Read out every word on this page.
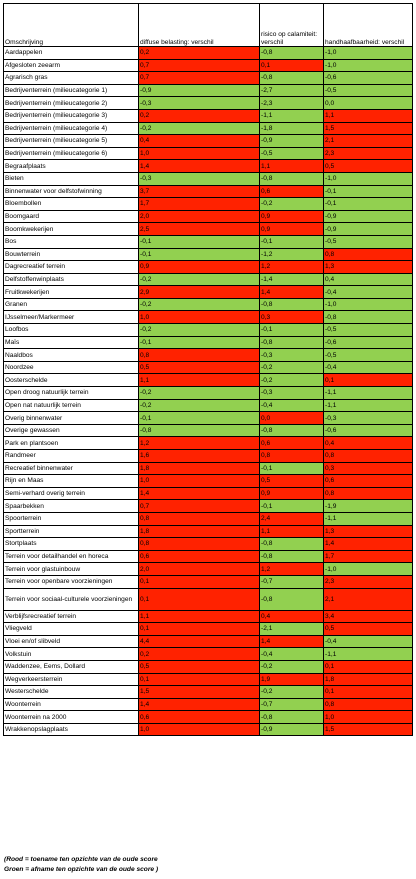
Omschrijving	diffuse belasting: verschil	risico op calamiteit: verschil	handhaafbaarheid: verschil
Aardappelen	0,2	-0,8	-1,0
Afgesloten zeearm	0,7	0,1	-1,0
Agrarisch gras	0,7	-0,8	-0,6
Bedrijventerrein (milieucategorie 1)	-0,9	-2,7	-0,5
Bedrijventerrein (milieucategorie 2)	-0,3	-2,3	0,0
Bedrijventerrein (milieucategorie 3)	0,2	-1,1	1,1
Bedrijventerrein (milieucategorie 4)	-0,2	-1,8	1,5
Bedrijventerrein (milieucategorie 5)	0,4	-0,9	2,1
Bedrijventerrein (milieucategorie 6)	1,0	-0,5	2,3
Begraafplaats	1,4	1,1	0,5
Bieten	-0,3	-0,8	-1,0
Binnenwater voor delfstofwinning	3,7	0,6	-0,1
Bloembollen	1,7	-0,2	-0,1
Boomgaard	2,0	0,9	-0,9
Boomkwekerijen	2,5	0,9	-0,9
Bos	-0,1	-0,1	-0,5
Bouwterrein	-0,1	-1,2	0,8
Dagrecreatief terrein	0,9	1,2	1,3
Delfstoffenwinplaats	-0,2	-1,4	0,4
Fruitkwekerijen	2,9	1,4	-0,4
Granen	-0,2	-0,8	-1,0
IJsselmeer/Markermeer	1,0	0,3	-0,8
Loofbos	-0,2	-0,1	-0,5
Maïs	-0,1	-0,8	-0,6
Naaldbos	0,8	-0,3	-0,5
Noordzee	0,5	-0,2	-0,4
Oosterschelde	1,1	-0,2	0,1
Open droog natuurlijk terrein	-0,2	-0,3	-1,1
Open nat natuurlijk terrein	-0,2	-0,4	-1,1
Overig binnenwater	-0,1	0,0	-0,3
Overige gewassen	-0,8	-0,8	-0,6
Park en plantsoen	1,2	0,6	0,4
Randmeer	1,6	0,8	0,8
Recreatief binnenwater	1,8	-0,1	0,3
Rijn en Maas	1,0	0,5	0,6
Semi-verhard overig terrein	1,4	0,9	0,8
Spaarbekken	0,7	-0,1	-1,9
Spoorterrein	0,8	2,4	-1,1
Sportterrein	1,8	1,1	1,3
Stortplaats	0,8	-0,8	1,4
Terrein voor detailhandel en horeca	0,6	-0,8	1,7
Terrein voor glastuinbouw	2,0	1,2	-1,0
Terrein voor openbare voorzieningen	0,1	-0,7	2,3
Terrein voor sociaal-culturele voorzieningen	0,1	-0,8	2,1
Verblijfsrecreatief terrein	1,1	0,4	3,4
Vliegveld	0,1	-2,1	0,5
Vloei en/of slibveld	4,4	1,4	-0,4
Volkstuin	0,2	-0,4	-1,1
Waddenzee, Eems, Dollard	0,5	-0,2	0,1
Wegverkeersterrein	0,1	1,9	1,8
Westerschelde	1,5	-0,2	0,1
Woonterrein	1,4	-0,7	0,8
Woonterrein na 2000	0,6	-0,8	1,0
Wrakkenopslagplaats	1,0	-0,9	1,5
(Rood = toename ten opzichte van de oude score
Groen = afname ten opzichte van de oude score )
